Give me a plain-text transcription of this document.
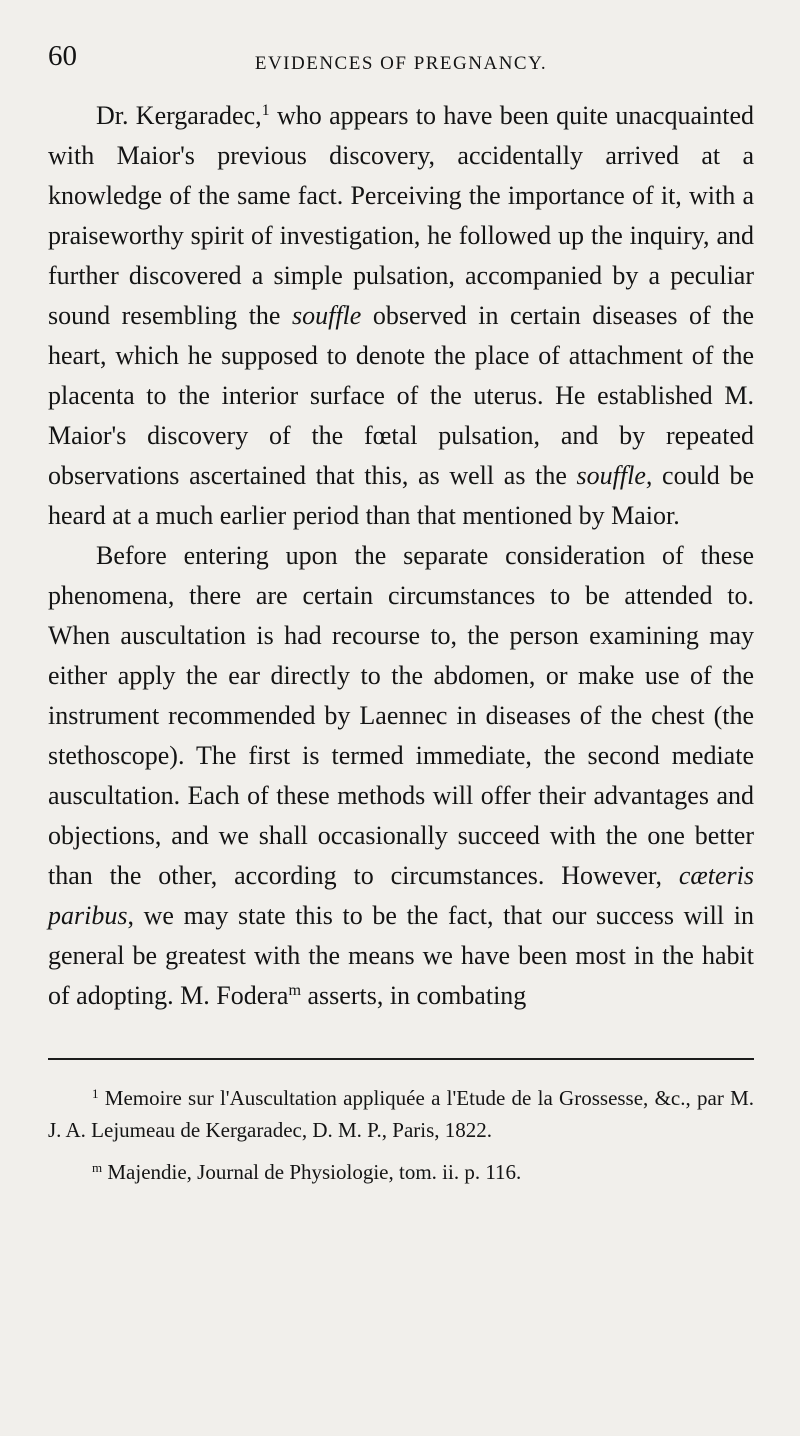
60	EVIDENCES OF PREGNANCY.

Dr. Kergaradec,$^1$ who appears to have been quite unacquainted with Maior's previous discovery, accidentally arrived at a knowledge of the same fact. Perceiving the importance of it, with a praiseworthy spirit of investigation, he followed up the inquiry, and further discovered a simple pulsation, accompanied by a peculiar sound resembling the souffle observed in certain diseases of the heart, which he supposed to denote the place of attachment of the placenta to the interior surface of the uterus. He established M. Maior's discovery of the fœtal pulsation, and by repeated observations ascertained that this, as well as the souffle, could be heard at a much earlier period than that mentioned by Maior.

Before entering upon the separate consideration of these phenomena, there are certain circumstances to be attended to. When auscultation is had recourse to, the person examining may either apply the ear directly to the abdomen, or make use of the instrument recommended by Laennec in diseases of the chest (the stethoscope). The first is termed immediate, the second mediate auscultation. Each of these methods will offer their advantages and objections, and we shall occasionally succeed with the one better than the other, according to circumstances. However, cæteris paribus, we may state this to be the fact, that our success will in general be greatest with the means we have been most in the habit of adopting. M. Fodera$^m$ asserts, in combating

$^1$ Memoire sur l'Auscultation appliquée a l'Etude de la Grossesse, &c., par M. J. A. Lejumeau de Kergaradec, D. M. P., Paris, 1822.

$^m$ Majendie, Journal de Physiologie, tom. ii. p. 116.
